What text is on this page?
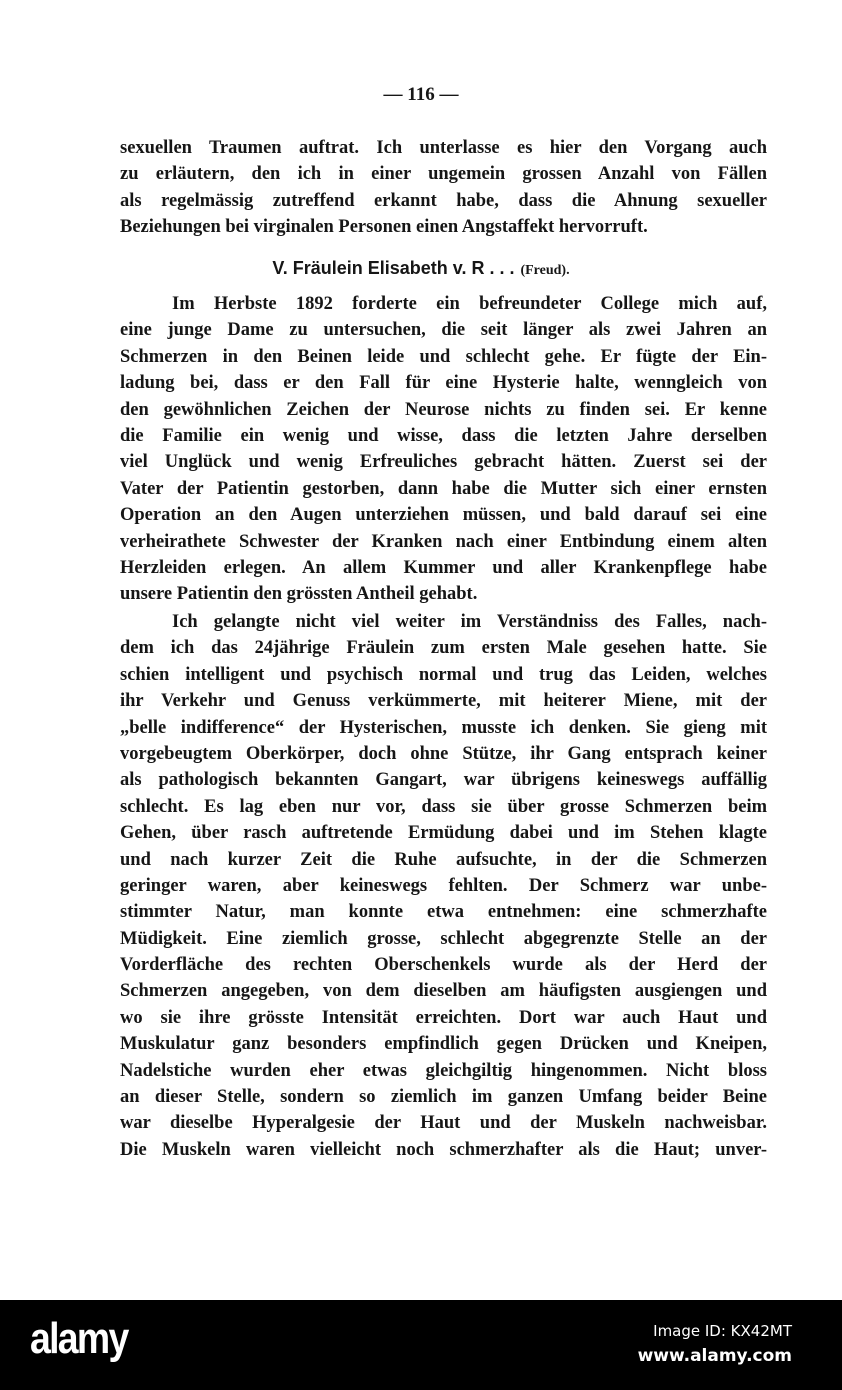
— 116 —
sexuellen Traumen auftrat. Ich unterlasse es hier den Vorgang auch
zu erläutern, den ich in einer ungemein grossen Anzahl von Fällen
als regelmässig zutreffend erkannt habe, dass die Ahnung sexueller
Beziehungen bei virginalen Personen einen Angstaffekt hervorruft.
V. Fräulein Elisabeth v. R . . . (Freud).
Im Herbste 1892 forderte ein befreundeter College mich auf,
eine junge Dame zu untersuchen, die seit länger als zwei Jahren an
Schmerzen in den Beinen leide und schlecht gehe. Er fügte der Ein-
ladung bei, dass er den Fall für eine Hysterie halte, wenngleich von
den gewöhnlichen Zeichen der Neurose nichts zu finden sei. Er kenne
die Familie ein wenig und wisse, dass die letzten Jahre derselben
viel Unglück und wenig Erfreuliches gebracht hätten. Zuerst sei der
Vater der Patientin gestorben, dann habe die Mutter sich einer ernsten
Operation an den Augen unterziehen müssen, und bald darauf sei eine
verheirathete Schwester der Kranken nach einer Entbindung einem alten
Herzleiden erlegen. An allem Kummer und aller Krankenpflege habe
unsere Patientin den grössten Antheil gehabt.
Ich gelangte nicht viel weiter im Verständniss des Falles, nach-
dem ich das 24jährige Fräulein zum ersten Male gesehen hatte. Sie
schien intelligent und psychisch normal und trug das Leiden, welches
ihr Verkehr und Genuss verkümmerte, mit heiterer Miene, mit der
„belle indifference“ der Hysterischen, musste ich denken. Sie gieng mit
vorgebeugtem Oberkörper, doch ohne Stütze, ihr Gang entsprach keiner
als pathologisch bekannten Gangart, war übrigens keineswegs auffällig
schlecht. Es lag eben nur vor, dass sie über grosse Schmerzen beim
Gehen, über rasch auftretende Ermüdung dabei und im Stehen klagte
und nach kurzer Zeit die Ruhe aufsuchte, in der die Schmerzen
geringer waren, aber keineswegs fehlten. Der Schmerz war unbe-
stimmter Natur, man konnte etwa entnehmen: eine schmerzhafte
Müdigkeit. Eine ziemlich grosse, schlecht abgegrenzte Stelle an der
Vorderfläche des rechten Oberschenkels wurde als der Herd der
Schmerzen angegeben, von dem dieselben am häufigsten ausgiengen und
wo sie ihre grösste Intensität erreichten. Dort war auch Haut und
Muskulatur ganz besonders empfindlich gegen Drücken und Kneipen,
Nadelstiche wurden eher etwas gleichgiltig hingenommen. Nicht bloss
an dieser Stelle, sondern so ziemlich im ganzen Umfang beider Beine
war dieselbe Hyperalgesie der Haut und der Muskeln nachweisbar.
Die Muskeln waren vielleicht noch schmerzhafter als die Haut; unver-
alamy	Image ID: KX42MT
www.alamy.com
